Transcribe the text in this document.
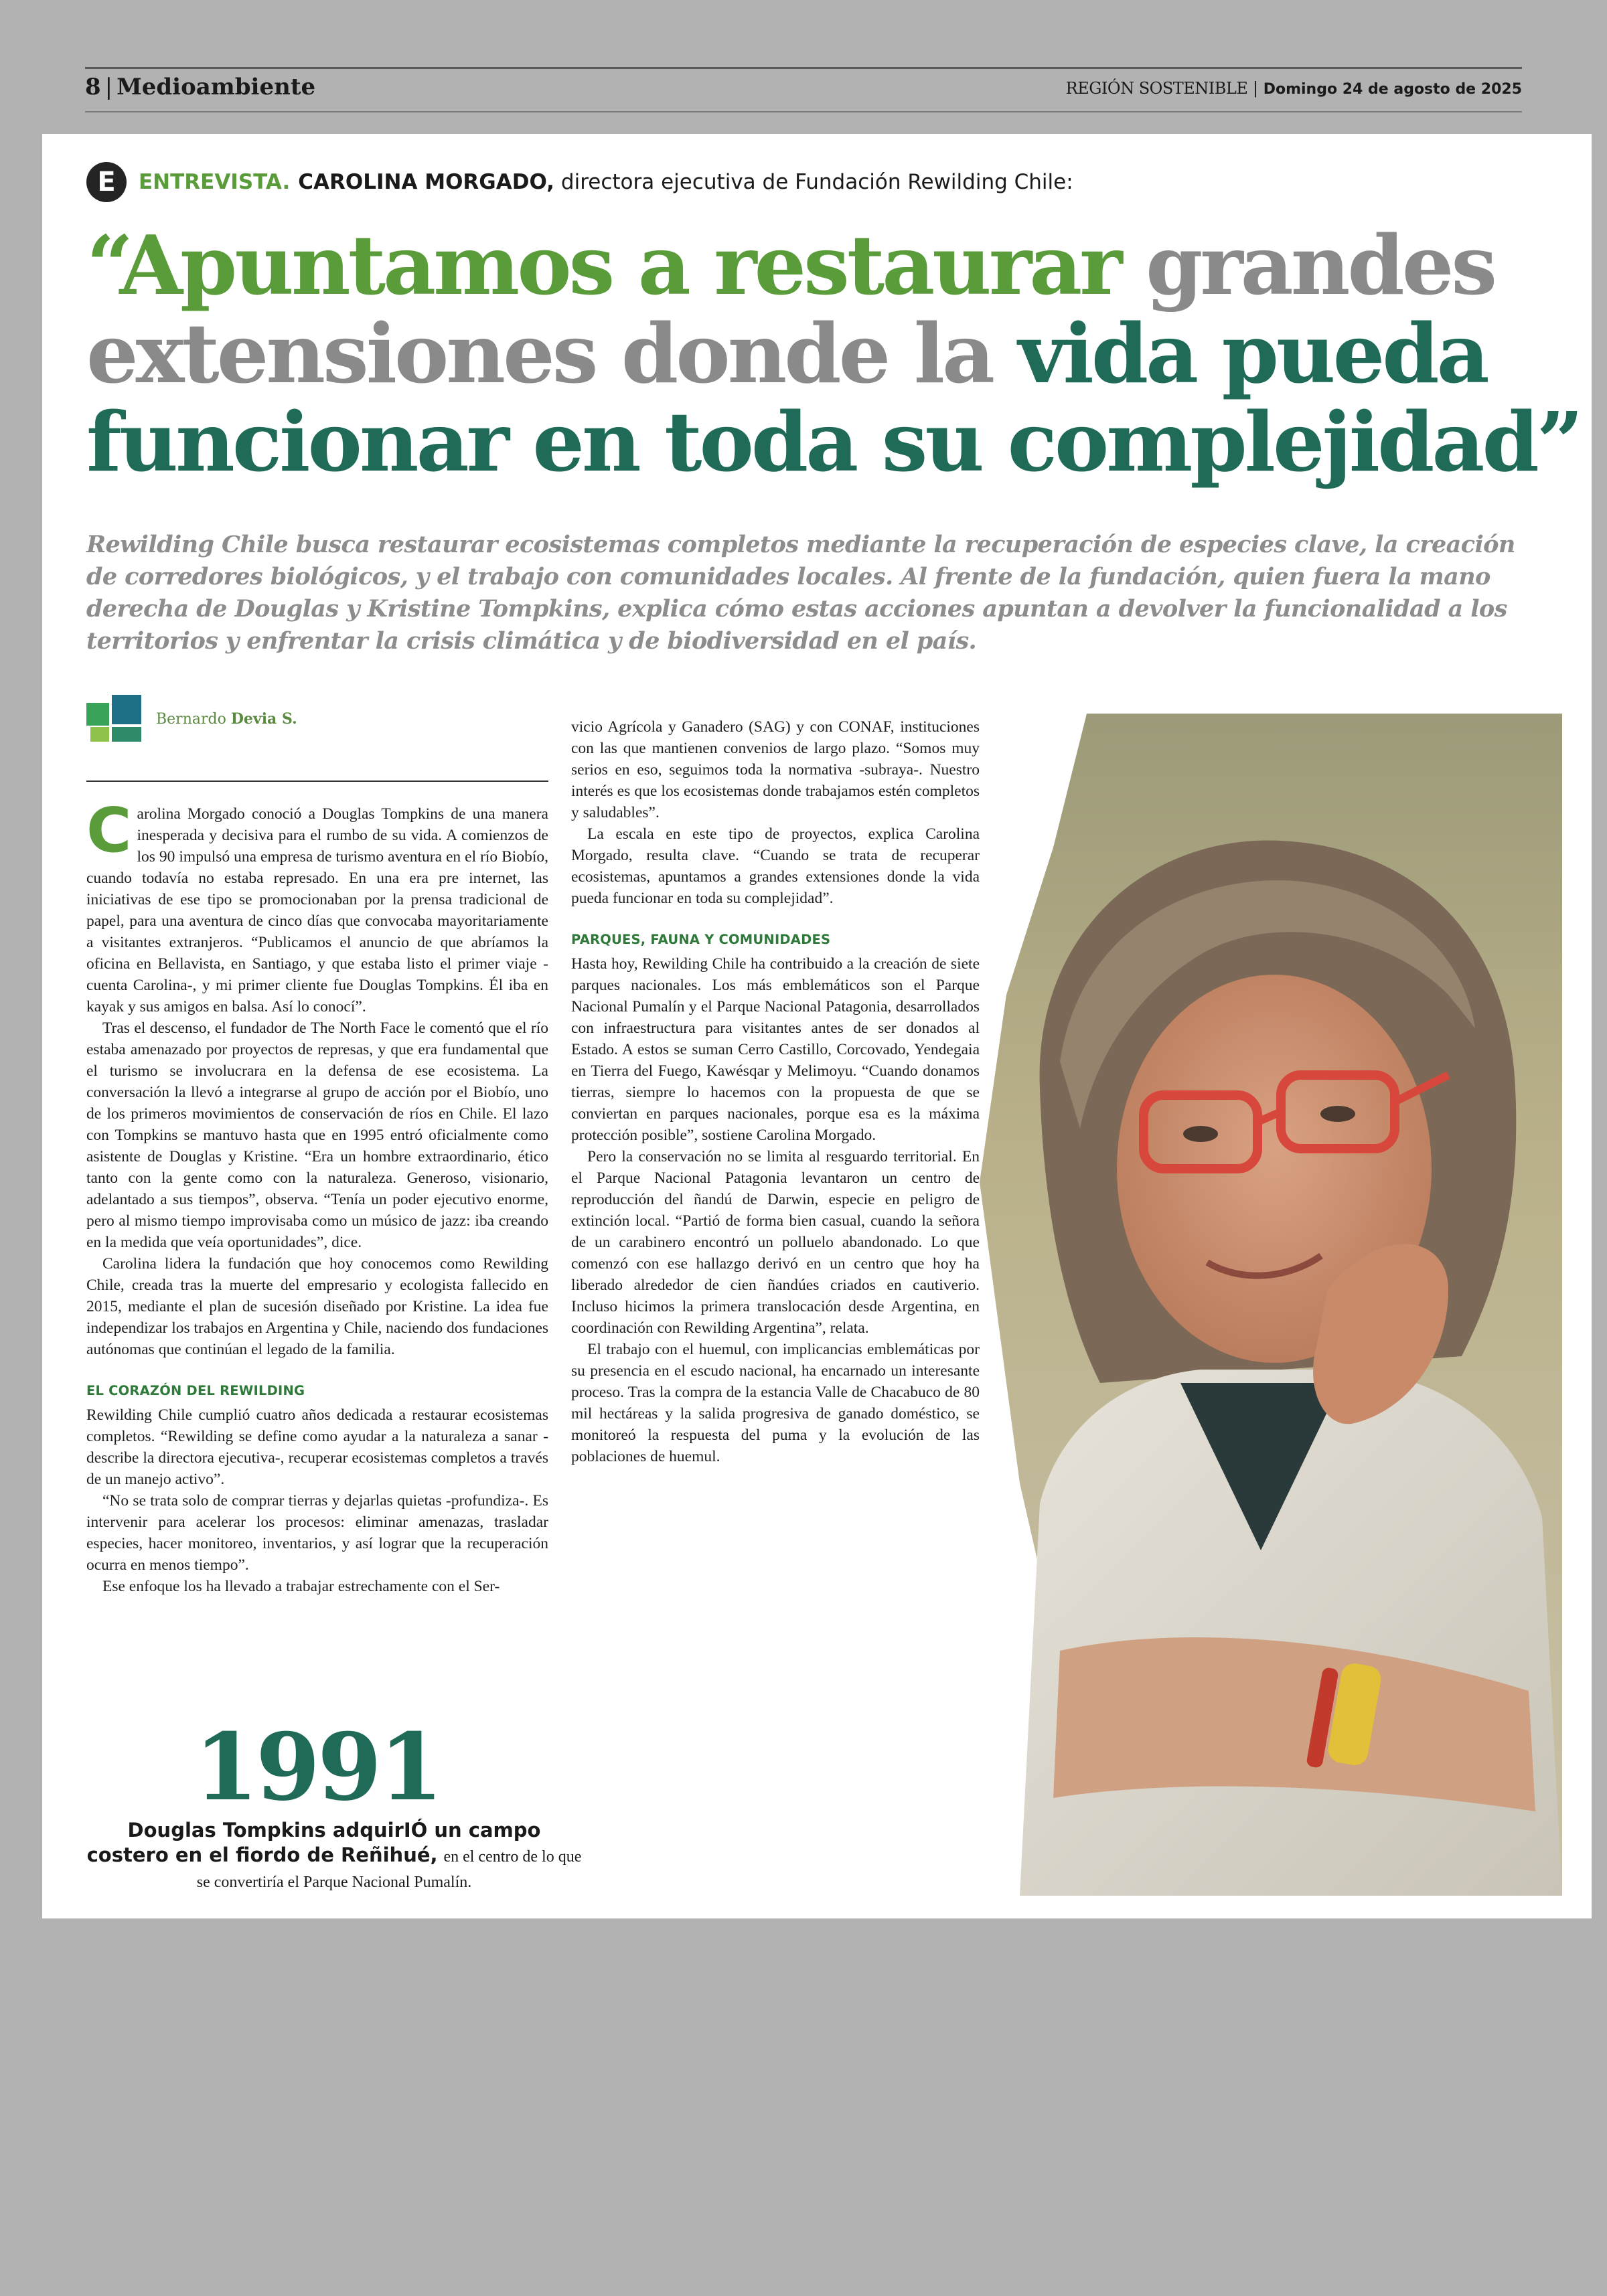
8 | Medioambiente	REGIÓN SOSTENIBLE | Domingo 24 de agosto de 2025
E	ENTREVISTA. CAROLINA MORGADO, directora ejecutiva de Fundación Rewilding Chile:
“Apuntamos a restaurar grandes
extensiones donde la vida pueda
funcionar en toda su complejidad”

Rewilding Chile busca restaurar ecosistemas completos mediante la recuperación de especies clave, la creación de corredores biológicos, y el trabajo con comunidades locales. Al frente de la fundación, quien fuera la mano derecha de Douglas y Kristine Tompkins, explica cómo estas acciones apuntan a devolver la funcionalidad a los territorios y enfrentar la crisis climática y de biodiversidad en el país.

Bernardo Devia S.

Carolina Morgado conoció a Douglas Tompkins de una manera inesperada y decisiva para el rumbo de su vida. A comienzos de los 90 impulsó una empresa de turismo aventura en el río Biobío, cuando todavía no estaba represado. En una era pre internet, las iniciativas de ese tipo se promocionaban por la prensa tradicional de papel, para una aventura de cinco días que convocaba mayoritariamente a visitantes extranjeros. “Publicamos el anuncio de que abríamos la oficina en Bellavista, en Santiago, y que estaba listo el primer viaje -cuenta Carolina-, y mi primer cliente fue Douglas Tompkins. Él iba en kayak y sus amigos en balsa. Así lo conocí”.

Tras el descenso, el fundador de The North Face le comentó que el río estaba amenazado por proyectos de represas, y que era fundamental que el turismo se involucrara en la defensa de ese ecosistema. La conversación la llevó a integrarse al grupo de acción por el Biobío, uno de los primeros movimientos de conservación de ríos en Chile. El lazo con Tompkins se mantuvo hasta que en 1995 entró oficialmente como asistente de Douglas y Kristine. “Era un hombre extraordinario, ético tanto con la gente como con la naturaleza. Generoso, visionario, adelantado a sus tiempos”, observa. “Tenía un poder ejecutivo enorme, pero al mismo tiempo improvisaba como un músico de jazz: iba creando en la medida que veía oportunidades”, dice.

Carolina lidera la fundación que hoy conocemos como Rewilding Chile, creada tras la muerte del empresario y ecologista fallecido en 2015, mediante el plan de sucesión diseñado por Kristine. La idea fue independizar los trabajos en Argentina y Chile, naciendo dos fundaciones autónomas que continúan el legado de la familia.

EL CORAZÓN DEL REWILDING

Rewilding Chile cumplió cuatro años dedicada a restaurar ecosistemas completos. “Rewilding se define como ayudar a la naturaleza a sanar -describe la directora ejecutiva-, recuperar ecosistemas completos a través de un manejo activo”.

“No se trata solo de comprar tierras y dejarlas quietas -profundiza-. Es intervenir para acelerar los procesos: eliminar amenazas, trasladar especies, hacer monitoreo, inventarios, y así lograr que la recuperación ocurra en menos tiempo”.

Ese enfoque los ha llevado a trabajar estrechamente con el Ser-

vicio Agrícola y Ganadero (SAG) y con CONAF, instituciones con las que mantienen convenios de largo plazo. “Somos muy serios en eso, seguimos toda la normativa -subraya-. Nuestro interés es que los ecosistemas donde trabajamos estén completos y saludables”.

La escala en este tipo de proyectos, explica Carolina Morgado, resulta clave. “Cuando se trata de recuperar ecosistemas, apuntamos a grandes extensiones donde la vida pueda funcionar en toda su complejidad”.

PARQUES, FAUNA Y COMUNIDADES

Hasta hoy, Rewilding Chile ha contribuido a la creación de siete parques nacionales. Los más emblemáticos son el Parque Nacional Pumalín y el Parque Nacional Patagonia, desarrollados con infraestructura para visitantes antes de ser donados al Estado. A estos se suman Cerro Castillo, Corcovado, Yendegaia en Tierra del Fuego, Kawésqar y Melimoyu. “Cuando donamos tierras, siempre lo hacemos con la propuesta de que se conviertan en parques nacionales, porque esa es la máxima protección posible”, sostiene Carolina Morgado.

Pero la conservación no se limita al resguardo territorial. En el Parque Nacional Patagonia levantaron un centro de reproducción del ñandú de Darwin, especie en peligro de extinción local. “Partió de forma bien casual, cuando la señora de un carabinero encontró un polluelo abandonado. Lo que comenzó con ese hallazgo derivó en un centro que hoy ha liberado alrededor de cien ñandúes criados en cautiverio. Incluso hicimos la primera translocación desde Argentina, en coordinación con Rewilding Argentina”, relata.

El trabajo con el huemul, con implicancias emblemáticas por su presencia en el escudo nacional, ha encarnado un interesante proceso. Tras la compra de la estancia Valle de Chacabuco de 80 mil hectáreas y la salida progresiva de ganado doméstico, se monitoreó la respuesta del puma y la evolución de las poblaciones de huemul.

1991
Douglas Tompkins adquirIÓ un campo costero en el fiordo de Reñihué, en el centro de lo que se convertiría el Parque Nacional Pumalín.
